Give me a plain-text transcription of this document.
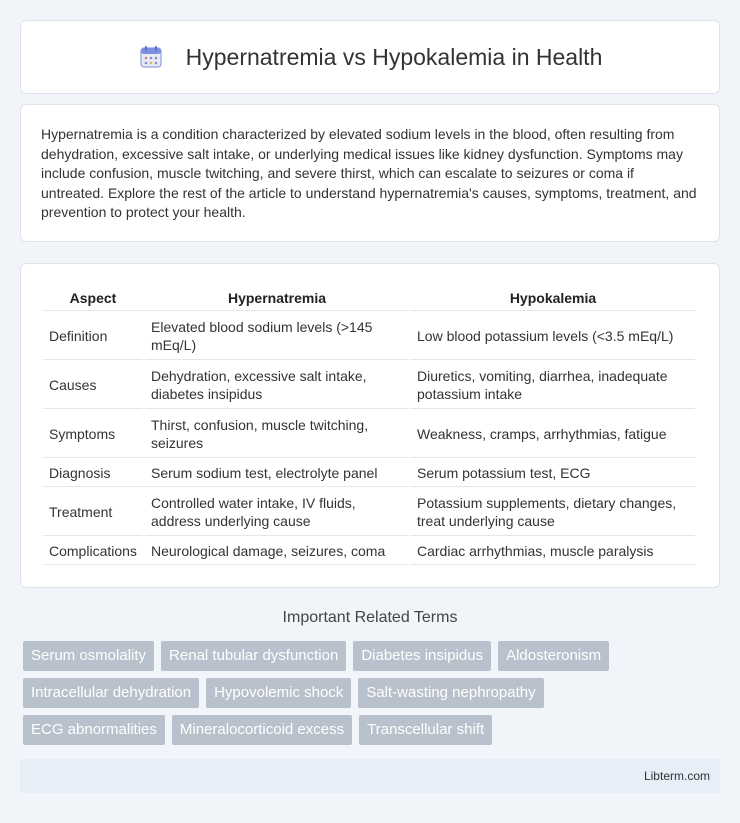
Hypernatremia vs Hypokalemia in Health

Hypernatremia is a condition characterized by elevated sodium levels in the blood, often resulting from dehydration, excessive salt intake, or underlying medical issues like kidney dysfunction. Symptoms may include confusion, muscle twitching, and severe thirst, which can escalate to seizures or coma if untreated. Explore the rest of the article to understand hypernatremia's causes, symptoms, treatment, and prevention to protect your health.

Aspect	Hypernatremia	Hypokalemia
Definition	Elevated blood sodium levels (>145 mEq/L)	Low blood potassium levels (<3.5 mEq/L)
Causes	Dehydration, excessive salt intake, diabetes insipidus	Diuretics, vomiting, diarrhea, inadequate potassium intake
Symptoms	Thirst, confusion, muscle twitching, seizures	Weakness, cramps, arrhythmias, fatigue
Diagnosis	Serum sodium test, electrolyte panel	Serum potassium test, ECG
Treatment	Controlled water intake, IV fluids, address underlying cause	Potassium supplements, dietary changes, treat underlying cause
Complications	Neurological damage, seizures, coma	Cardiac arrhythmias, muscle paralysis
Important Related Terms
Serum osmolality	Renal tubular dysfunction	Diabetes insipidus	Aldosteronism
Intracellular dehydration	Hypovolemic shock	Salt-wasting nephropathy
ECG abnormalities	Mineralocorticoid excess	Transcellular shift
Libterm.com
